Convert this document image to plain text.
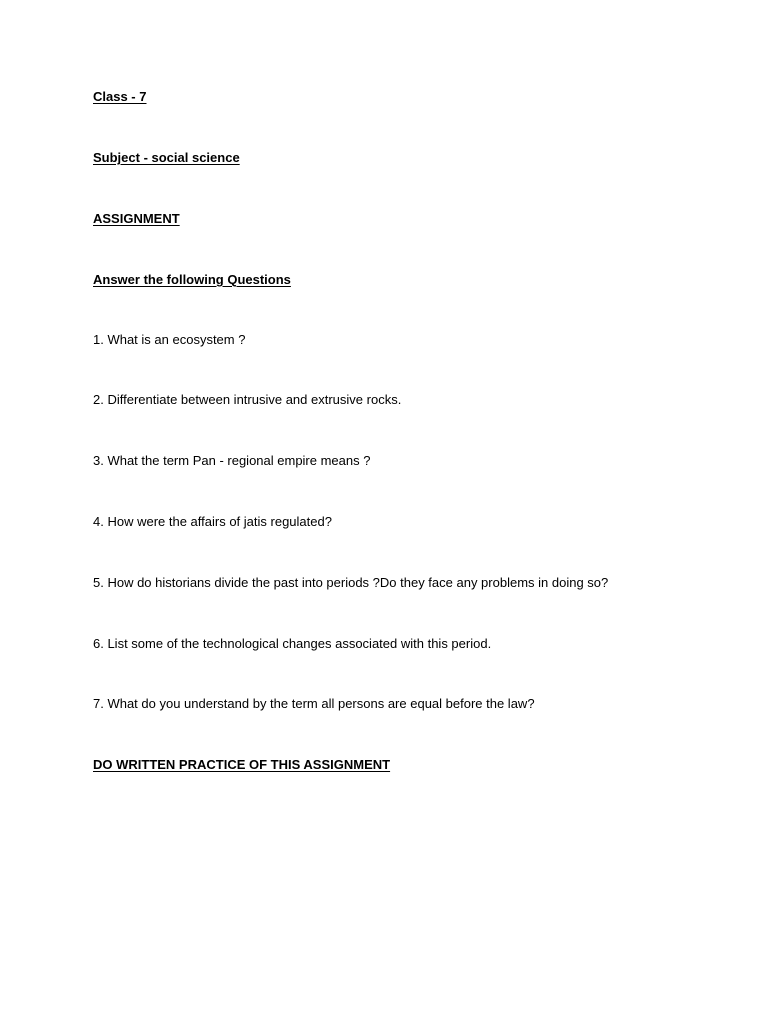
Class - 7
Subject - social science
ASSIGNMENT
Answer the following Questions
1. What is an ecosystem ?
2. Differentiate between intrusive and extrusive rocks.
3. What the term Pan - regional empire means ?
4. How were the affairs of jatis regulated?
5. How do historians divide the past into periods ?Do they face any problems in doing so?
6. List some of the technological changes associated with this period.
7. What do you understand by the term all persons are equal before the law?
DO WRITTEN PRACTICE OF THIS ASSIGNMENT
